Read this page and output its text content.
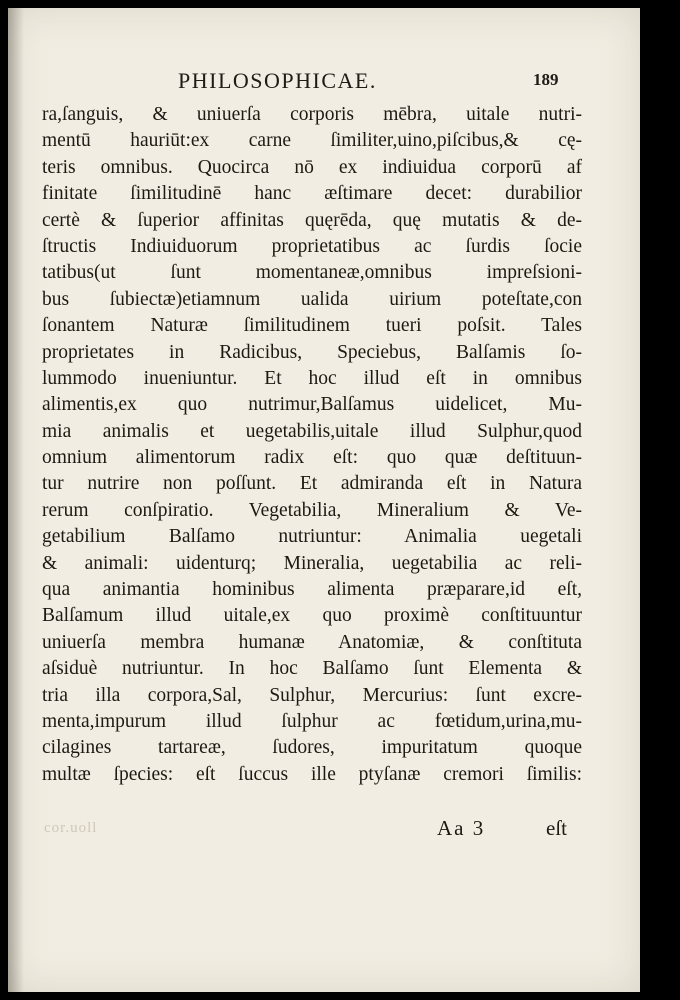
PHILOSOPHICAE.	189
ra,ſanguis, & uniuerſa corporis mēbra, uitale nutri-
mentū hauriūt:ex carne ſimiliter,uino,piſcibus,& cę-
teris omnibus. Quocirca nō ex indiuidua corporū af
finitate ſimilitudinē hanc æſtimare decet: durabilior
certè & ſuperior affinitas quęrēda, quę mutatis & de-
ſtructis Indiuiduorum proprietatibus ac ſurdis ſocie
tatibus(ut ſunt momentaneæ,omnibus impreſsioni-
bus ſubiectæ)etiamnum ualida uirium poteſtate,con
ſonantem Naturæ ſimilitudinem tueri poſsit. Tales
proprietates in Radicibus, Speciebus, Balſamis ſo-
lummodo inueniuntur. Et hoc illud eſt in omnibus
alimentis,ex quo nutrimur,Balſamus uidelicet, Mu-
mia animalis et uegetabilis,uitale illud Sulphur,quod
omnium alimentorum radix eſt: quo quæ deſtituun-
tur nutrire non poſſunt. Et admiranda eſt in Natura
rerum conſpiratio. Vegetabilia, Mineralium & Ve-
getabilium Balſamo nutriuntur: Animalia uegetali
& animali: uidenturq; Mineralia, uegetabilia ac reli-
qua animantia hominibus alimenta præparare,id eſt,
Balſamum illud uitale,ex quo proximè conſtituuntur
uniuerſa membra humanæ Anatomiæ, & conſtituta
aſsiduè nutriuntur. In hoc Balſamo ſunt Elementa &
tria illa corpora,Sal, Sulphur, Mercurius: ſunt excre-
menta,impurum illud ſulphur ac fœtidum,urina,mu-
cilagines tartareæ, ſudores, impuritatum quoque
multæ ſpecies: eſt ſuccus ille ptyſanæ cremori ſimilis:
cor.uoll	Aa 3	eſt
